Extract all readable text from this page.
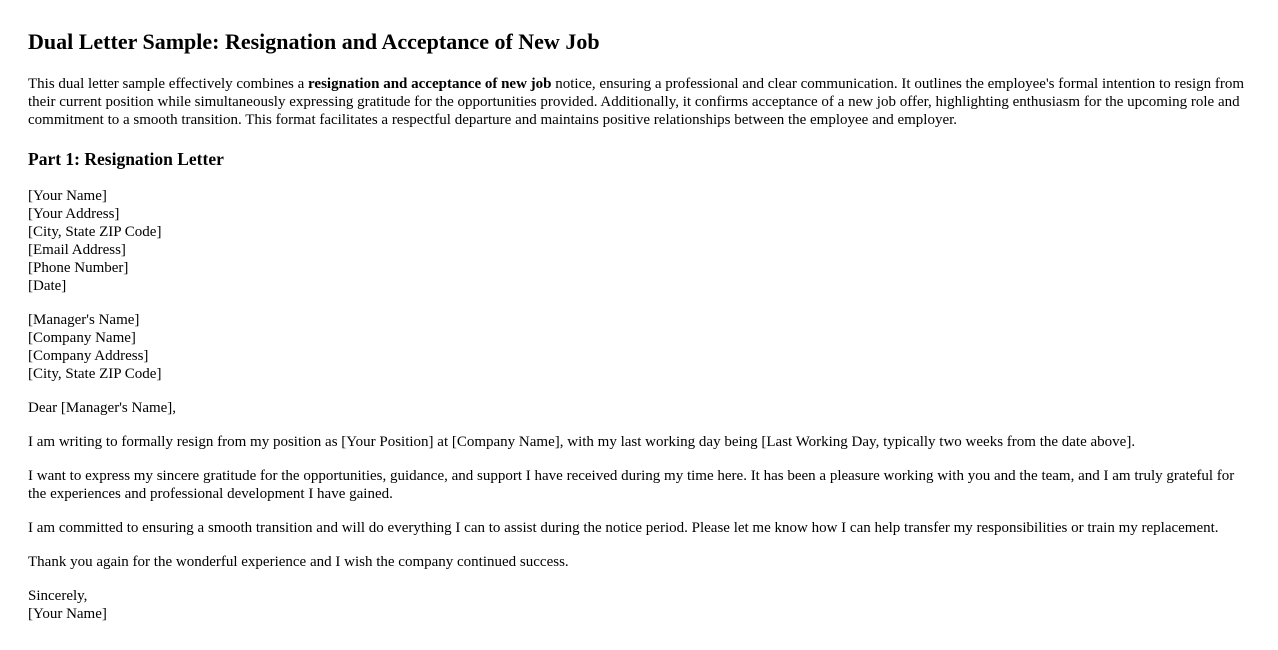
Dual Letter Sample: Resignation and Acceptance of New Job

This dual letter sample effectively combines a resignation and acceptance of new job notice, ensuring a professional and clear communication. It outlines the employee's formal intention to resign from their current position while simultaneously expressing gratitude for the opportunities provided. Additionally, it confirms acceptance of a new job offer, highlighting enthusiasm for the upcoming role and commitment to a smooth transition. This format facilitates a respectful departure and maintains positive relationships between the employee and employer.

Part 1: Resignation Letter
[Your Name]
[Your Address]
[City, State ZIP Code]
[Email Address]
[Phone Number]
[Date]
[Manager's Name]
[Company Name]
[Company Address]
[City, State ZIP Code]

Dear [Manager's Name],

I am writing to formally resign from my position as [Your Position] at [Company Name], with my last working day being [Last Working Day, typically two weeks from the date above].

I want to express my sincere gratitude for the opportunities, guidance, and support I have received during my time here. It has been a pleasure working with you and the team, and I am truly grateful for the experiences and professional development I have gained.

I am committed to ensuring a smooth transition and will do everything I can to assist during the notice period. Please let me know how I can help transfer my responsibilities or train my replacement.

Thank you again for the wonderful experience and I wish the company continued success.

Sincerely,
[Your Name]
